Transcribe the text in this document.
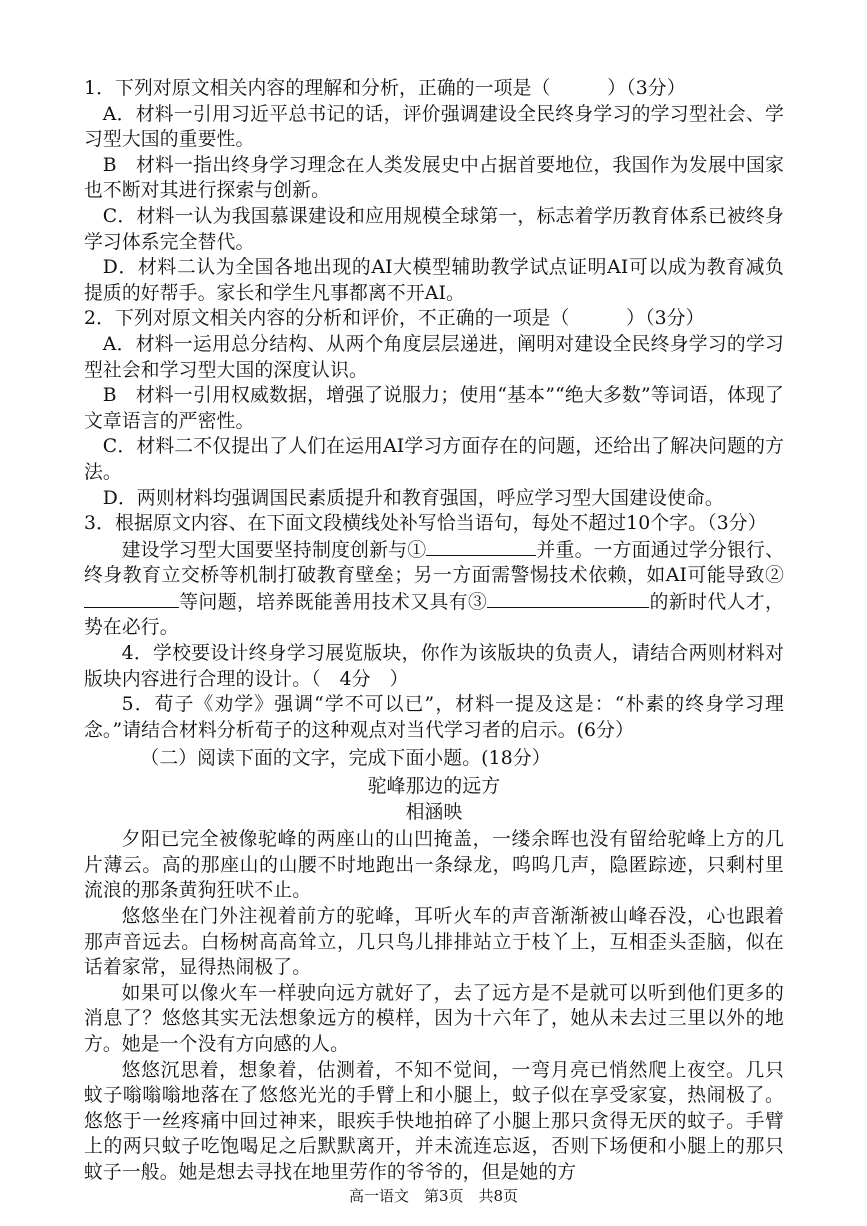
1．下列对原文相关内容的理解和分析，正确的一项是（　　　）（3分）

A．材料一引用习近平总书记的话，评价强调建设全民终身学习的学习型社会、学习型大国的重要性。

B　材料一指出终身学习理念在人类发展史中占据首要地位，我国作为发展中国家也不断对其进行探索与创新。

C．材料一认为我国慕课建设和应用规模全球第一，标志着学历教育体系已被终身学习体系完全替代。

D．材料二认为全国各地出现的AI大模型辅助教学试点证明AI可以成为教育减负提质的好帮手。家长和学生凡事都离不开AI。

2．下列对原文相关内容的分析和评价，不正确的一项是（　　　）（3分）

A．材料一运用总分结构、从两个角度层层递进，阐明对建设全民终身学习的学习型社会和学习型大国的深度认识。

B　材料一引用权威数据，增强了说服力；使用“基本”“绝大多数”等词语，体现了文章语言的严密性。

C．材料二不仅提出了人们在运用AI学习方面存在的问题，还给出了解决问题的方法。

D．两则材料均强调国民素质提升和教育强国，呼应学习型大国建设使命。

3．根据原文内容、在下面文段横线处补写恰当语句，每处不超过10个字。（3分）

建设学习型大国要坚持制度创新与①	并重。一方面通过学分银行、终身教育立交桥等机制打破教育壁垒；另一方面需警惕技术依赖，如AI可能导致②等问题，培养既能善用技术又具有③	的新时代人才，势在必行。

4．学校要设计终身学习展览版块，你作为该版块的负责人，请结合两则材料对版块内容进行合理的设计。（　4分　）

5．荀子《劝学》强调“学不可以已”，材料一提及这是：“朴素的终身学习理念。”请结合材料分析荀子的这种观点对当代学习者的启示。(6分）

（二）阅读下面的文字，完成下面小题。(18分）

驼峰那边的远方

相涵映

夕阳已完全被像驼峰的两座山的山凹掩盖，一缕余晖也没有留给驼峰上方的几片薄云。高的那座山的山腰不时地跑出一条绿龙，呜呜几声，隐匿踪迹，只剩村里流浪的那条黄狗狂吠不止。

悠悠坐在门外注视着前方的驼峰，耳听火车的声音渐渐被山峰吞没，心也跟着那声音远去。白杨树高高耸立，几只鸟儿排排站立于枝丫上，互相歪头歪脑，似在话着家常，显得热闹极了。

如果可以像火车一样驶向远方就好了，去了远方是不是就可以听到他们更多的消息了？悠悠其实无法想象远方的模样，因为十六年了，她从未去过三里以外的地方。她是一个没有方向感的人。

悠悠沉思着，想象着，估测着，不知不觉间，一弯月亮已悄然爬上夜空。几只蚊子嗡嗡嗡地落在了悠悠光光的手臂上和小腿上，蚊子似在享受家宴，热闹极了。悠悠于一丝疼痛中回过神来，眼疾手快地拍碎了小腿上那只贪得无厌的蚊子。手臂上的两只蚊子吃饱喝足之后默默离开，并未流连忘返，否则下场便和小腿上的那只蚊子一般。她是想去寻找在地里劳作的爷爷的，但是她的方

高一语文　第3页　共8页
